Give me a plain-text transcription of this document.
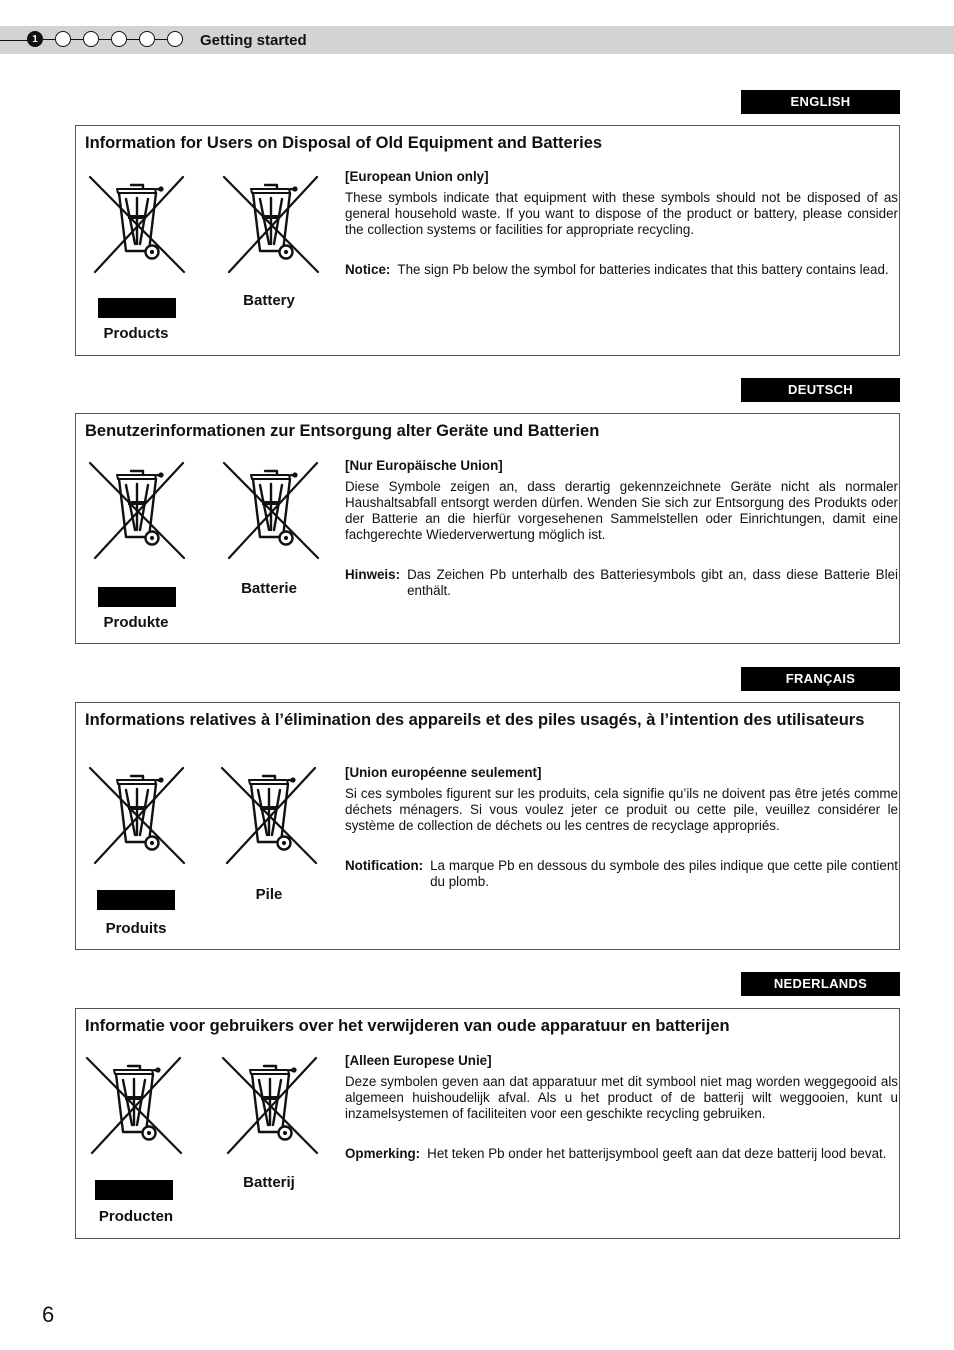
1	Getting started
ENGLISH
Information for Users on Disposal of Old Equipment and Batteries
Products
Battery
[European Union only]
These symbols indicate that equipment with these symbols should not be disposed of as general household waste. If you want to dispose of the product or battery, please consider the collection systems or facilities for appropriate recycling.
Notice: The sign Pb below the symbol for batteries indicates that this battery contains lead.
DEUTSCH
Benutzerinformationen zur Entsorgung alter Geräte und Batterien
Produkte
Batterie
[Nur Europäische Union]
Diese Symbole zeigen an, dass derartig gekennzeichnete Geräte nicht als normaler Haushaltsabfall entsorgt werden dürfen. Wenden Sie sich zur Entsorgung des Produkts oder der Batterie an die hierfür vorgesehenen Sammelstellen oder Einrichtungen, damit eine fachgerechte Wiederverwertung möglich ist.
Hinweis: Das Zeichen Pb unterhalb des Batteriesymbols gibt an, dass diese Batterie Blei enthält.
FRANÇAIS
Informations relatives à l’élimination des appareils et des piles usagés, à l’intention des utilisateurs
Produits
Pile
[Union européenne seulement]
Si ces symboles figurent sur les produits, cela signifie qu’ils ne doivent pas être jetés comme déchets ménagers. Si vous voulez jeter ce produit ou cette pile, veuillez considérer le système de collection de déchets ou les centres de recyclage appropriés.
Notification: La marque Pb en dessous du symbole des piles indique que cette pile contient du plomb.
NEDERLANDS
Informatie voor gebruikers over het verwijderen van oude apparatuur en batterijen
Producten
Batterij
[Alleen Europese Unie]
Deze symbolen geven aan dat apparatuur met dit symbool niet mag worden weggegooid als algemeen huishoudelijk afval. Als u het product of de batterij wilt weggooien, kunt u inzamelsystemen of faciliteiten voor een geschikte recycling gebruiken.
Opmerking: Het teken Pb onder het batterijsymbool geeft aan dat deze batterij lood bevat.
6
